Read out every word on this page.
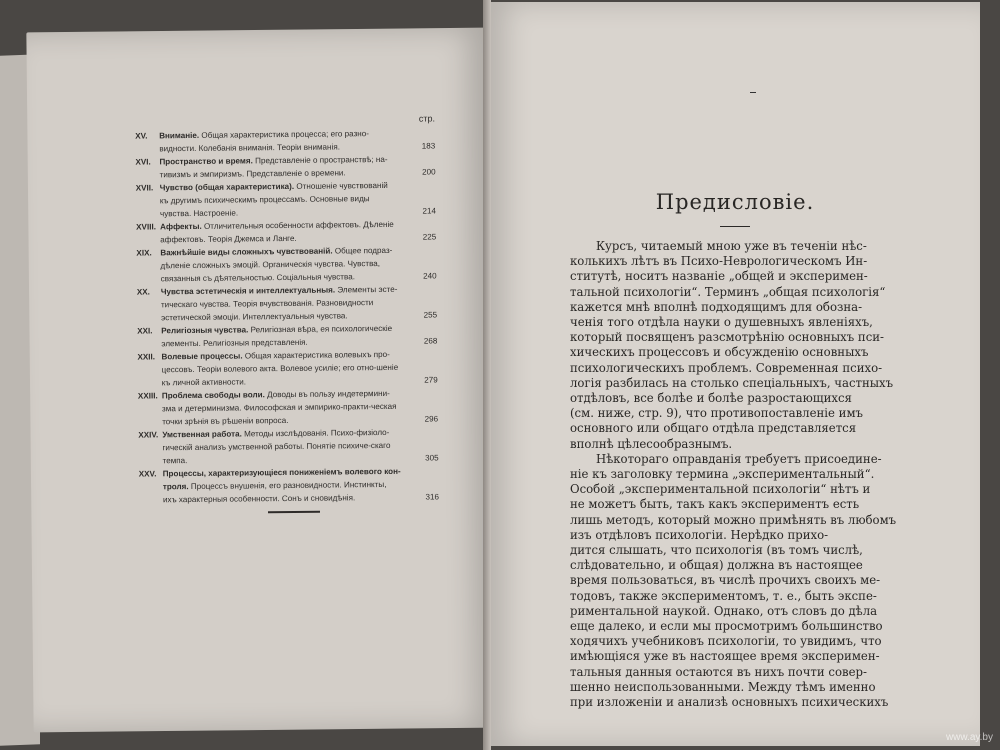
стр.
XV.	Вниманіе. Общая характеристика процесса; его разно-видности. Колебанія вниманія. Теоріи вниманія.	183
XVI.	Пространство и время. Представленіе о пространствѣ; на-тивизмъ и эмпиризмъ. Представленіе о времени.	200
XVII. Чувство (общая характеристика). Отношеніе чувствованій къ другимъ психическимъ процессамъ. Основные виды чувства. Настроеніе.	214
XVIII. Аффекты. Отличительныя особенности аффектовъ. Дѣленіе аффектовъ. Теорія Джемса и Ланге.	225
XIX.	Важнѣйшіе виды сложныхъ чувствованій. Общее подраз-дѣленіе сложныхъ эмоцій. Органическія чувства. Чувства, связанныя съ дѣятельностью. Соціальныя чувства.	240
XX.	Чувства эстетическія и интеллектуальныя. Элементы эсте-тическаго чувства. Теорія вчувствованія. Разновидности эстетической эмоціи. Интеллектуальныя чувства.	255
XXI.	Религіозныя чувства. Религіозная вѣра, ея психологическіе элементы. Религіозныя представленія.	268
XXII. Волевые процессы. Общая характеристика волевыхъ про-цессовъ. Теоріи волевого акта. Волевое усиліе; его отно-шеніе къ личной активности.	279
XXIII. Проблема свободы воли. Доводы въ пользу индетермини-зма и детерминизма. Философская и эмпирико-практи-ческая точки зрѣнія въ рѣшеніи вопроса.	296
XXIV. Умственная работа. Методы изслѣдованія. Психо-физіоло-гическій анализъ умственной работы. Понятіе психиче-скаго темпа.	305
XXV. Процессы, характеризующіеся пониженіемъ волевого кон-троля. Процессъ внушенія, его разновидности. Инстинкты, ихъ характерныя особенности. Сонъ и сновидѣнія.	316
Предисловіе.
Курсъ, читаемый мною уже въ теченіи нѣс-
колькихъ лѣтъ въ Психо-Неврологическомъ Ин-
ститутѣ, носитъ названіе „общей и эксперимен-
тальной психологіи“. Терминъ „общая психологія“
кажется мнѣ вполнѣ подходящимъ для обозна-
ченія того отдѣла науки о душевныхъ явленіяхъ,
который посвященъ разсмотрѣнію основныхъ пси-
хическихъ процессовъ и обсужденію основныхъ
психологическихъ проблемъ. Современная психо-
логія разбилась на столько спеціальныхъ, частныхъ
отдѣловъ, все болѣе и болѣе разростающихся
(см. ниже, стр. 9), что противопоставленіе имъ
основного или общаго отдѣла представляется
вполнѣ цѣлесообразнымъ.
Нѣкотораго оправданія требуетъ присоедине-
ніе къ заголовку термина „экспериментальный“.
Особой „экспериментальной психологіи“ нѣтъ и
не можетъ быть, такъ какъ экспериментъ есть
лишь методъ, который можно примѣнять въ любомъ
изъ отдѣловъ психологіи. Нерѣдко прихо-
дится слышать, что психологія (въ томъ числѣ,
слѣдовательно, и общая) должна въ настоящее
время пользоваться, въ числѣ прочихъ своихъ ме-
тодовъ, также экспериментомъ, т. е., быть экспе-
риментальной наукой. Однако, отъ словъ до дѣла
еще далеко, и если мы просмотримъ большинство
ходячихъ учебниковъ психологіи, то увидимъ, что
имѣющіяся уже въ настоящее время эксперимен-
тальныя данныя остаются въ нихъ почти совер-
шенно неиспользованными. Между тѣмъ именно
при изложеніи и анализѣ основныхъ психическихъ
www.ay.by
